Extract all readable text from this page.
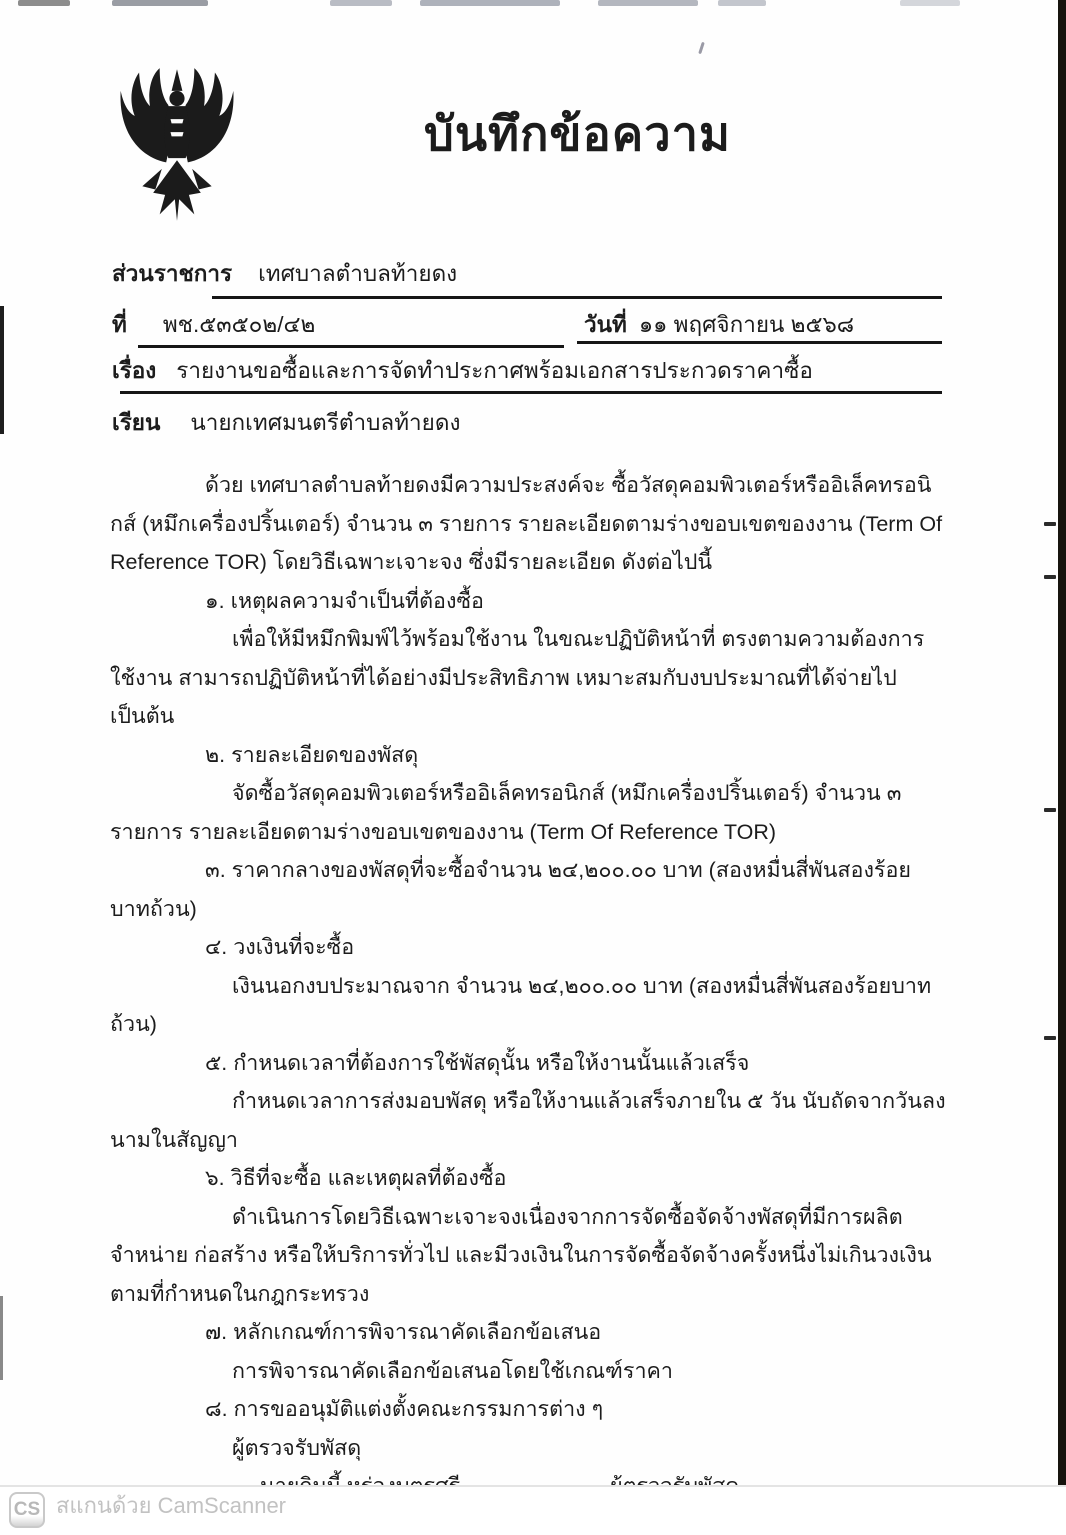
บันทึกข้อความ
ส่วนราชการ เทศบาลตำบลท้ายดง
ที่ พช.๕๓๕๐๒/๔๒	วันที่ ๑๑ พฤศจิกายน ๒๕๖๘
เรื่อง รายงานขอซื้อและการจัดทำประกาศพร้อมเอกสารประกวดราคาซื้อ
เรียน นายกเทศมนตรีตำบลท้ายดง

ด้วย เทศบาลตำบลท้ายดงมีความประสงค์จะ ซื้อวัสดุคอมพิวเตอร์หรืออิเล็คทรอนิกส์ (หมึกเครื่องปริ้นเตอร์) จำนวน ๓ รายการ รายละเอียดตามร่างขอบเขตของงาน (Term Of Reference TOR) โดยวิธีเฉพาะเจาะจง ซึ่งมีรายละเอียด ดังต่อไปนี้

๑. เหตุผลความจำเป็นที่ต้องซื้อ

เพื่อให้มีหมึกพิมพ์ไว้พร้อมใช้งาน ในขณะปฏิบัติหน้าที่ ตรงตามความต้องการใช้งาน สามารถปฏิบัติหน้าที่ได้อย่างมีประสิทธิภาพ เหมาะสมกับงบประมาณที่ได้จ่ายไป เป็นต้น

๒. รายละเอียดของพัสดุ

จัดซื้อวัสดุคอมพิวเตอร์หรืออิเล็คทรอนิกส์ (หมึกเครื่องปริ้นเตอร์) จำนวน ๓ รายการ รายละเอียดตามร่างขอบเขตของงาน (Term Of Reference TOR)

๓. ราคากลางของพัสดุที่จะซื้อจำนวน ๒๔,๒๐๐.๐๐ บาท (สองหมื่นสี่พันสองร้อยบาทถ้วน)

๔. วงเงินที่จะซื้อ

เงินนอกงบประมาณจาก จำนวน ๒๔,๒๐๐.๐๐ บาท (สองหมื่นสี่พันสองร้อยบาทถ้วน)

๕. กำหนดเวลาที่ต้องการใช้พัสดุนั้น หรือให้งานนั้นแล้วเสร็จ

กำหนดเวลาการส่งมอบพัสดุ หรือให้งานแล้วเสร็จภายใน ๕ วัน นับถัดจากวันลงนามในสัญญา

๖. วิธีที่จะซื้อ และเหตุผลที่ต้องซื้อ

ดำเนินการโดยวิธีเฉพาะเจาะจงเนื่องจากการจัดซื้อจัดจ้างพัสดุที่มีการผลิต จำหน่าย ก่อสร้าง หรือให้บริการทั่วไป และมีวงเงินในการจัดซื้อจัดจ้างครั้งหนึ่งไม่เกินวงเงินตามที่กำหนดในกฎกระทรวง

๗. หลักเกณฑ์การพิจารณาคัดเลือกข้อเสนอ

การพิจารณาคัดเลือกข้อเสนอโดยใช้เกณฑ์ราคา

๘. การขออนุมัติแต่งตั้งคณะกรรมการต่าง ๆ

ผู้ตรวจรับพัสดุ

CS สแกนด้วย CamScanner
